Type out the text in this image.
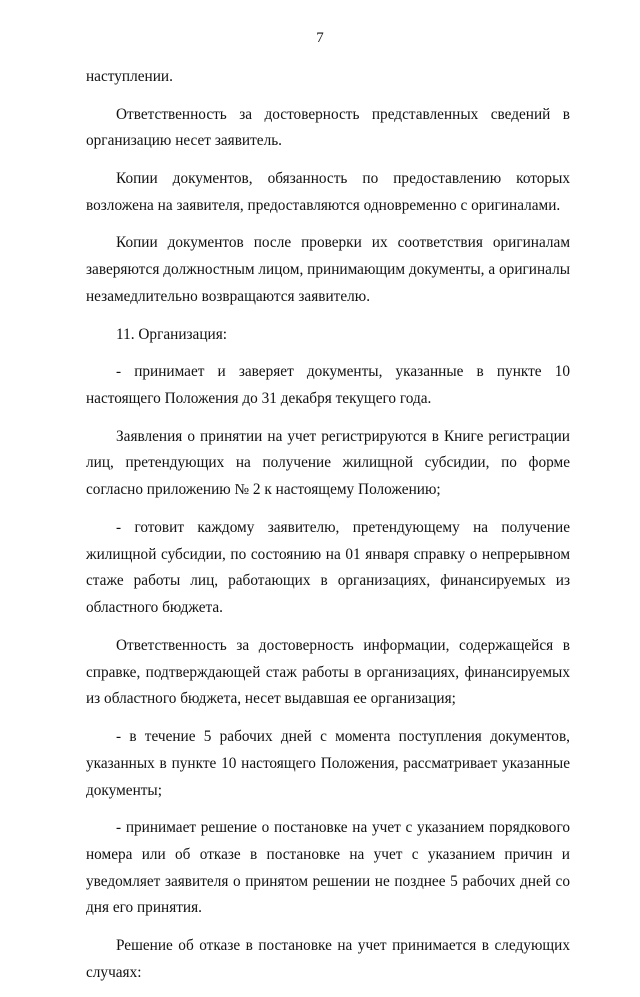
7

наступлении.

Ответственность за достоверность представленных сведений в организацию несет заявитель.

Копии документов, обязанность по предоставлению которых возложена на заявителя, предоставляются одновременно с оригиналами.

Копии документов после проверки их соответствия оригиналам заверяются должностным лицом, принимающим документы, а оригиналы незамедлительно возвращаются заявителю.

11. Организация:

- принимает и заверяет документы, указанные в пункте 10 настоящего Положения до 31 декабря текущего года.

Заявления о принятии на учет регистрируются в Книге регистрации лиц, претендующих на получение жилищной субсидии, по форме согласно приложению № 2 к настоящему Положению;

- готовит каждому заявителю, претендующему на получение жилищной субсидии, по состоянию на 01 января справку о непрерывном стаже работы лиц, работающих в организациях, финансируемых из областного бюджета.

Ответственность за достоверность информации, содержащейся в справке, подтверждающей стаж работы в организациях, финансируемых из областного бюджета, несет выдавшая ее организация;

- в течение 5 рабочих дней с момента поступления документов, указанных в пункте 10 настоящего Положения, рассматривает указанные документы;

- принимает решение о постановке на учет с указанием порядкового номера или об отказе в постановке на учет с указанием причин и уведомляет заявителя о принятом решении не позднее 5 рабочих дней со дня его принятия.

Решение об отказе в постановке на учет принимается в следующих случаях:
